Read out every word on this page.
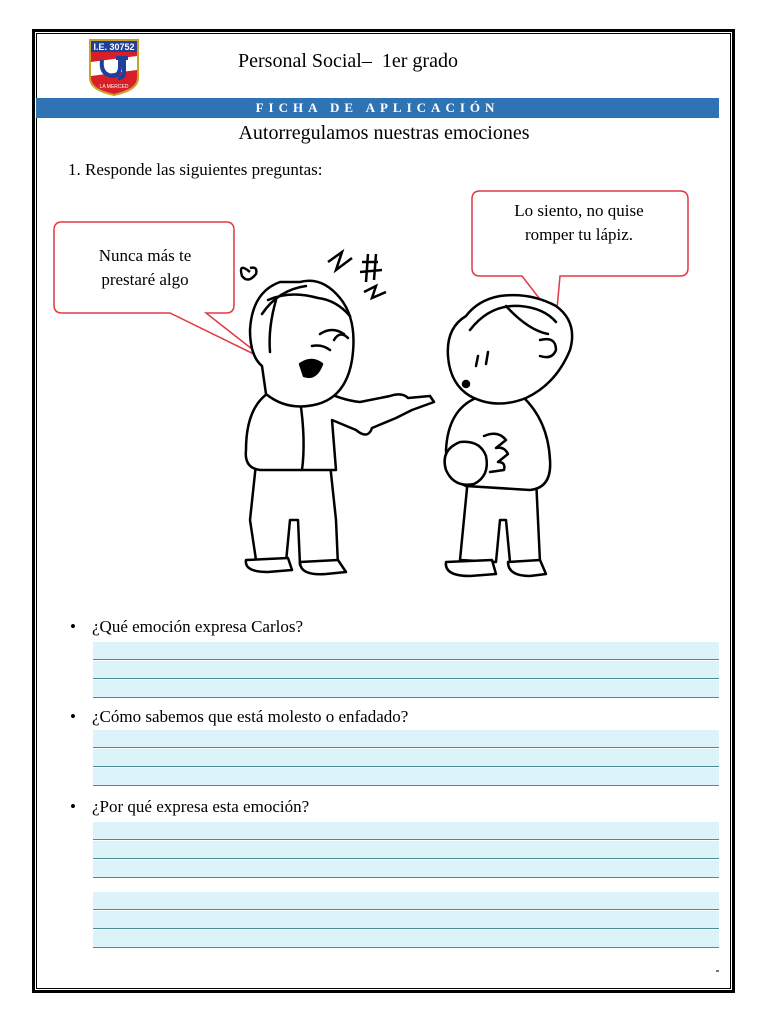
I.E. 30752
LA MERCED
Personal Social–  1er grado
FICHA DE APLICACIÓN
Autorregulamos nuestras emociones
1. Responde las siguientes preguntas:
Nunca más te
prestaré algo
Lo siento, no quise
romper tu lápiz.
• ¿Qué emoción expresa Carlos?
• ¿Cómo sabemos que está molesto o enfadado?
• ¿Por qué expresa esta emoción?
